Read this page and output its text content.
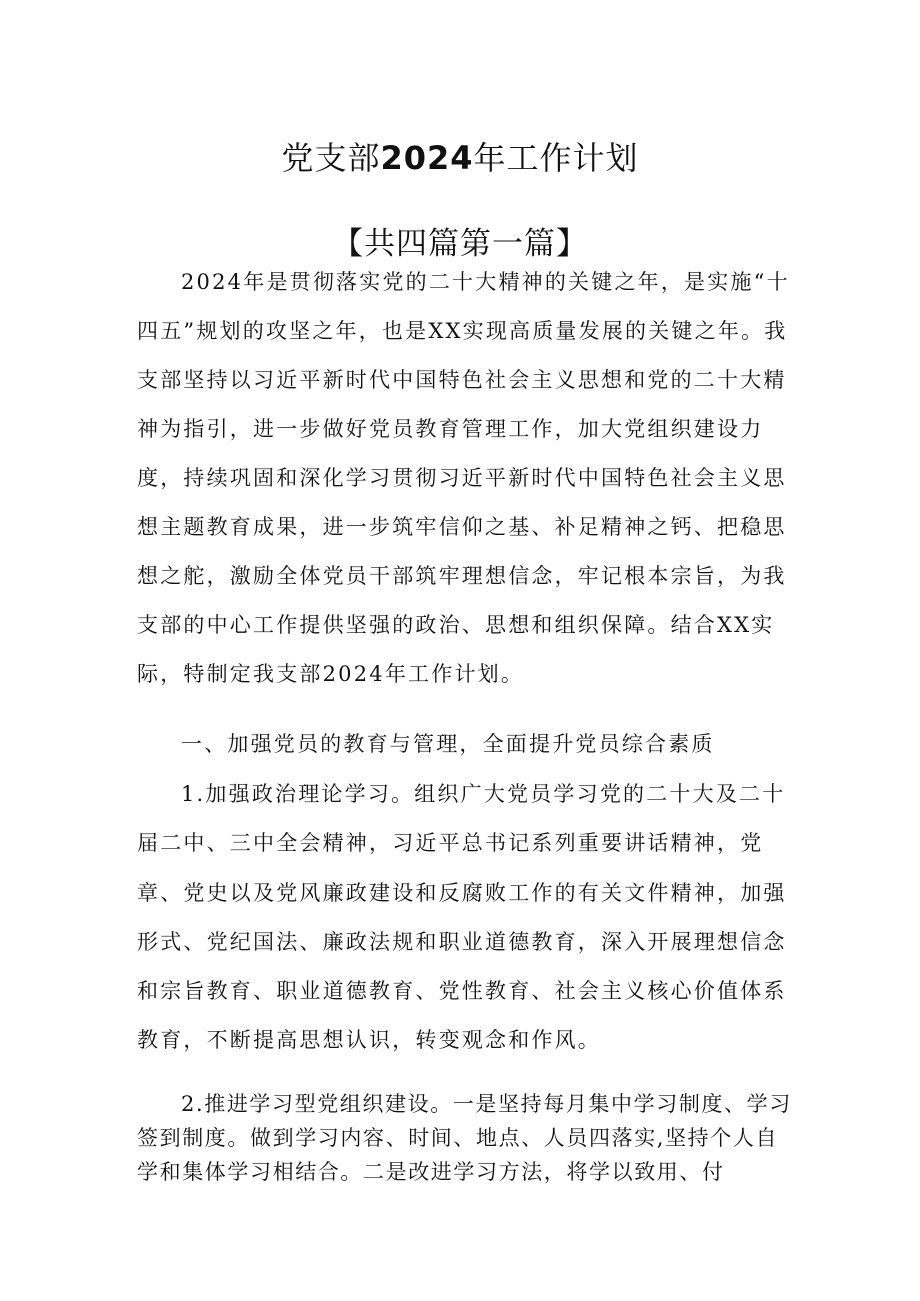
党支部2024年工作计划
【共四篇第一篇】

2024年是贯彻落实党的二十大精神的关键之年，是实施“十四五”规划的攻坚之年，也是XX实现高质量发展的关键之年。我支部坚持以习近平新时代中国特色社会主义思想和党的二十大精神为指引，进一步做好党员教育管理工作，加大党组织建设力度，持续巩固和深化学习贯彻习近平新时代中国特色社会主义思想主题教育成果，进一步筑牢信仰之基、补足精神之钙、把稳思想之舵，激励全体党员干部筑牢理想信念，牢记根本宗旨，为我支部的中心工作提供坚强的政治、思想和组织保障。结合XX实际，特制定我支部2024年工作计划。

一、加强党员的教育与管理，全面提升党员综合素质

1.加强政治理论学习。组织广大党员学习党的二十大及二十届二中、三中全会精神，习近平总书记系列重要讲话精神，党章、党史以及党风廉政建设和反腐败工作的有关文件精神，加强形式、党纪国法、廉政法规和职业道德教育，深入开展理想信念和宗旨教育、职业道德教育、党性教育、社会主义核心价值体系教育，不断提高思想认识，转变观念和作风。

2.推进学习型党组织建设。一是坚持每月集中学习制度、学习签到制度。做到学习内容、时间、地点、人员四落实,坚持个人自学和集体学习相结合。二是改进学习方法，将学以致用、付
